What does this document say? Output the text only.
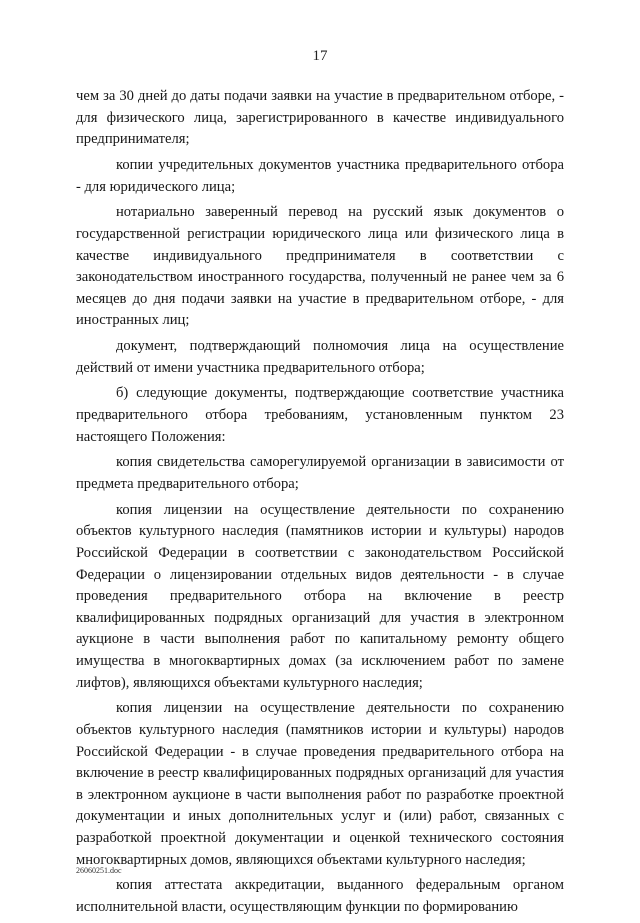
17

чем за 30 дней до даты подачи заявки на участие в предварительном отборе, - для физического лица, зарегистрированного в качестве индивидуального предпринимателя;

копии учредительных документов участника предварительного отбора - для юридического лица;

нотариально заверенный перевод на русский язык документов о государственной регистрации юридического лица или физического лица в качестве индивидуального предпринимателя в соответствии с законодательством иностранного государства, полученный не ранее чем за 6 месяцев до дня подачи заявки на участие в предварительном отборе, - для иностранных лиц;

документ, подтверждающий полномочия лица на осуществление действий от имени участника предварительного отбора;

б) следующие документы, подтверждающие соответствие участника предварительного отбора требованиям, установленным пунктом 23 настоящего Положения:

копия свидетельства саморегулируемой организации в зависимости от предмета предварительного отбора;

копия лицензии на осуществление деятельности по сохранению объектов культурного наследия (памятников истории и культуры) народов Российской Федерации в соответствии с законодательством Российской Федерации о лицензировании отдельных видов деятельности - в случае проведения предварительного отбора на включение в реестр квалифицированных подрядных организаций для участия в электронном аукционе в части выполнения работ по капитальному ремонту общего имущества в многоквартирных домах (за исключением работ по замене лифтов), являющихся объектами культурного наследия;

копия лицензии на осуществление деятельности по сохранению объектов культурного наследия (памятников истории и культуры) народов Российской Федерации - в случае проведения предварительного отбора на включение в реестр квалифицированных подрядных организаций для участия в электронном аукционе в части выполнения работ по разработке проектной документации и иных дополнительных услуг и (или) работ, связанных с разработкой проектной документации и оценкой технического состояния многоквартирных домов, являющихся объектами культурного наследия;

копия аттестата аккредитации, выданного федеральным органом исполнительной власти, осуществляющим функции по формированию

26060251.doc
